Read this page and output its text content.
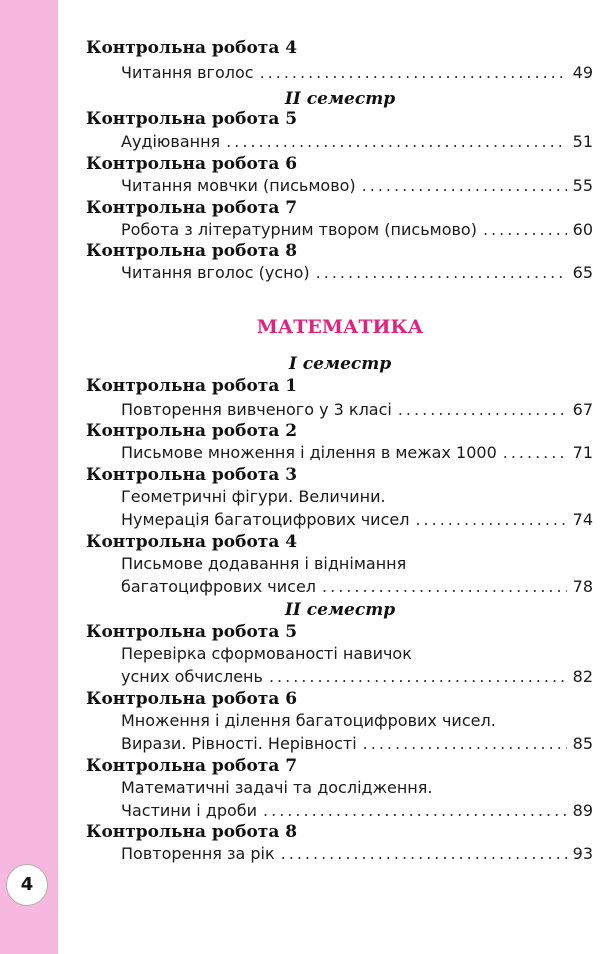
4
Контрольна робота 4
Читання вголос .....	49
II семестр
Контрольна робота 5
Аудіювання .....	51
Контрольна робота 6
Читання мовчки (письмово) .....	55
Контрольна робота 7
Робота з літературним твором (письмово) .....	60
Контрольна робота 8
Читання вголос (усно) .....	65
МАТЕМАТИКА
I семестр
Контрольна робота 1
Повторення вивченого у 3 класі .....	67
Контрольна робота 2
Письмове множення і ділення в межах 1000 .....	71
Контрольна робота 3
Геометричні фігури. Величини.
Нумерація багатоцифрових чисел .....	74
Контрольна робота 4
Письмове додавання і віднімання
багатоцифрових чисел .....	78
II семестр
Контрольна робота 5
Перевірка сформованості навичок
усних обчислень .....	82
Контрольна робота 6
Множення і ділення багатоцифрових чисел.
Вирази. Рівності. Нерівності .....	85
Контрольна робота 7
Математичні задачі та дослідження.
Частини і дроби .....	89
Контрольна робота 8
Повторення за рік .....	93
